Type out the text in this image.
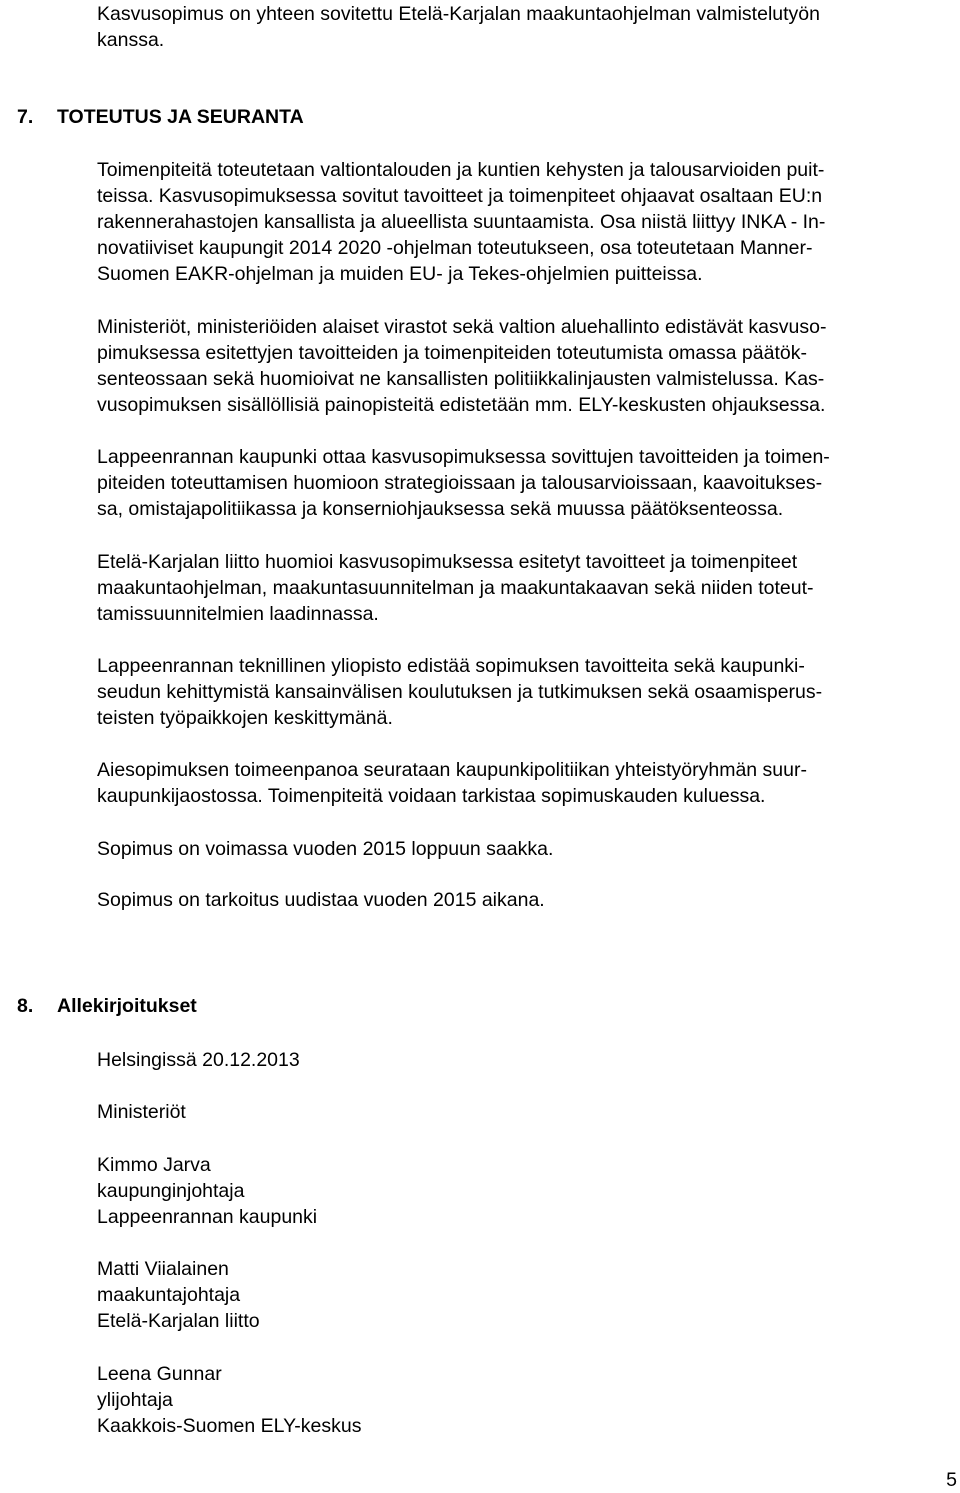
Kasvusopimus on yhteen sovitettu Etelä-Karjalan maakuntaohjelman valmistelutyön
kanssa.

7. TOTEUTUS JA SEURANTA

Toimenpiteitä toteutetaan valtiontalouden ja kuntien kehysten ja talousarvioiden puit-
teissa. Kasvusopimuksessa sovitut tavoitteet ja toimenpiteet ohjaavat osaltaan EU:n
rakennerahastojen kansallista ja alueellista suuntaamista. Osa niistä liittyy INKA - In-
novatiiviset kaupungit 2014 2020 -ohjelman toteutukseen, osa toteutetaan Manner-
Suomen EAKR-ohjelman ja muiden EU- ja Tekes-ohjelmien puitteissa.

Ministeriöt, ministeriöiden alaiset virastot sekä valtion aluehallinto edistävät kasvuso-
pimuksessa esitettyjen tavoitteiden ja toimenpiteiden toteutumista omassa päätök-
senteossaan sekä huomioivat ne kansallisten politiikkalinjausten valmistelussa. Kas-
vusopimuksen sisällöllisiä painopisteitä edistetään mm. ELY-keskusten ohjauksessa.

Lappeenrannan kaupunki ottaa kasvusopimuksessa sovittujen tavoitteiden ja toimen-
piteiden toteuttamisen huomioon strategioissaan ja talousarvioissaan, kaavoitukses-
sa, omistajapolitiikassa ja konserniohjauksessa sekä muussa päätöksenteossa.

Etelä-Karjalan liitto huomioi kasvusopimuksessa esitetyt tavoitteet ja toimenpiteet
maakuntaohjelman, maakuntasuunnitelman ja maakuntakaavan sekä niiden toteut-
tamissuunnitelmien laadinnassa.

Lappeenrannan teknillinen yliopisto edistää sopimuksen tavoitteita sekä kaupunki-
seudun kehittymistä kansainvälisen koulutuksen ja tutkimuksen sekä osaamisperus-
teisten työpaikkojen keskittymänä.

Aiesopimuksen toimeenpanoa seurataan kaupunkipolitiikan yhteistyöryhmän suur-
kaupunkijaostossa. Toimenpiteitä voidaan tarkistaa sopimuskauden kuluessa.

Sopimus on voimassa vuoden 2015 loppuun saakka.

Sopimus on tarkoitus uudistaa vuoden 2015 aikana.

8. Allekirjoitukset

Helsingissä 20.12.2013

Ministeriöt

Kimmo Jarva
kaupunginjohtaja
Lappeenrannan kaupunki

Matti Viialainen
maakuntajohtaja
Etelä-Karjalan liitto

Leena Gunnar
ylijohtaja
Kaakkois-Suomen ELY-keskus

5
